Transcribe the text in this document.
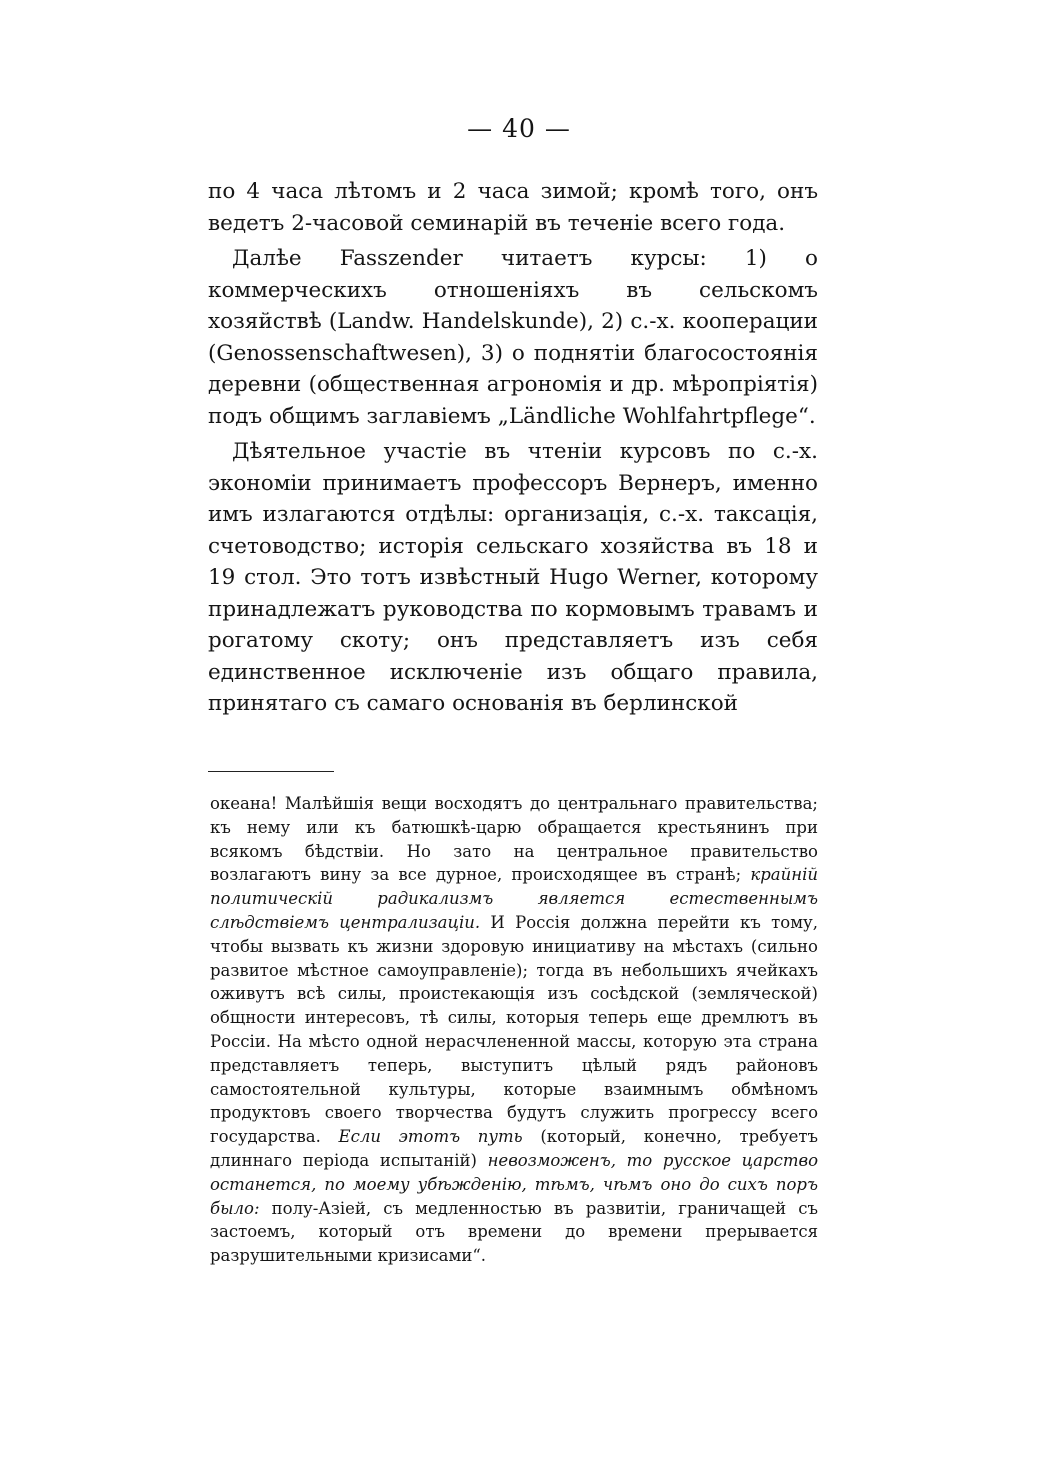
— 40 —

по 4 часа лѣтомъ и 2 часа зимой; кромѣ того, онъ ведетъ 2-часовой семинарій въ теченіе всего года.

Далѣе Fasszender читаетъ курсы: 1) о коммерческихъ отношеніяхъ въ сельскомъ хозяйствѣ (Landw. Handelskunde), 2) с.-х. кооперации (Genossenschaftwesen), 3) о поднятіи благосостоянія деревни (общественная агрономія и др. мѣропріятія) подъ общимъ заглавіемъ „Ländliche Wohlfahrtpflege“.

Дѣятельное участіе въ чтеніи курсовъ по с.-х. экономіи принимаетъ профессоръ Вернеръ, именно имъ излагаются отдѣлы: организація, с.-х. таксація, счетоводство; исторія сельскаго хозяйства въ 18 и 19 стол. Это тотъ извѣстный Hugo Werner, которому принадлежатъ руководства по кормовымъ травамъ и рогатому скоту; онъ представляетъ изъ себя единственное исключеніе изъ общаго правила, принятаго съ самаго основанія въ берлинской

океана! Малѣйшія вещи восходятъ до центральнаго правительства; къ нему или къ батюшкѣ-царю обращается крестьянинъ при всякомъ бѣдствіи. Но зато на центральное правительство возлагаютъ вину за все дурное, происходящее въ странѣ; крайній политическій радикализмъ является естественнымъ слѣдствіемъ централизаціи. И Россія должна перейти къ тому, чтобы вызвать къ жизни здоровую инициативу на мѣстахъ (сильно развитое мѣстное самоуправленіе); тогда въ небольшихъ ячейкахъ оживутъ всѣ силы, проистекающія изъ сосѣдской (земляческой) общности интересовъ, тѣ силы, которыя теперь еще дремлютъ въ Россіи. На мѣсто одной нерасчлененной массы, которую эта страна представляетъ теперь, выступитъ цѣлый рядъ районовъ самостоятельной культуры, которые взаимнымъ обмѣномъ продуктовъ своего творчества будутъ служить прогрессу всего государства. Если этотъ путь (который, конечно, требуетъ длиннаго періода испытаній) невозможенъ, то русское царство останется, по моему убѣжденію, тѣмъ, чѣмъ оно до сихъ поръ было: полу-Азіей, съ медленностью въ развитіи, граничащей съ застоемъ, который отъ времени до времени прерывается разрушительными кризисами“.
